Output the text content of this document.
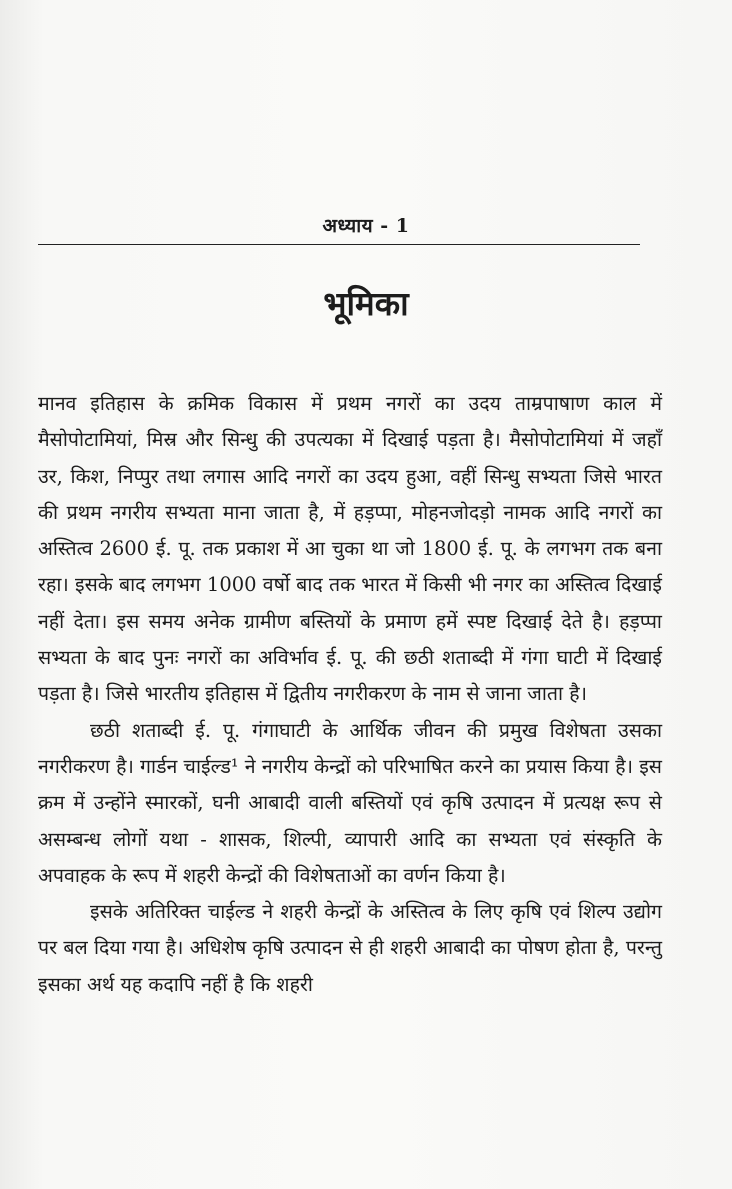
अध्याय - 1
भूमिका

मानव इतिहास के क्रमिक विकास में प्रथम नगरों का उदय ताम्रपाषाण काल में मैसोपोटामियां, मिस्र और सिन्धु की उपत्यका में दिखाई पड़ता है। मैसोपोटामियां में जहाँ उर, किश, निप्पुर तथा लगास आदि नगरों का उदय हुआ, वहीं सिन्धु सभ्यता जिसे भारत की प्रथम नगरीय सभ्यता माना जाता है, में हड़प्पा, मोहनजोदड़ो नामक आदि नगरों का अस्तित्व 2600 ई. पू. तक प्रकाश में आ चुका था जो 1800 ई. पू. के लगभग तक बना रहा। इसके बाद लगभग 1000 वर्षो बाद तक भारत में किसी भी नगर का अस्तित्व दिखाई नहीं देता। इस समय अनेक ग्रामीण बस्तियों के प्रमाण हमें स्पष्ट दिखाई देते है। हड़प्पा सभ्यता के बाद पुनः नगरों का अविर्भाव ई. पू. की छठी शताब्दी में गंगा घाटी में दिखाई पड़ता है। जिसे भारतीय इतिहास में द्वितीय नगरीकरण के नाम से जाना जाता है।

छठी शताब्दी ई. पू. गंगाघाटी के आर्थिक जीवन की प्रमुख विशेषता उसका नगरीकरण है। गार्डन चाईल्ड¹ ने नगरीय केन्द्रों को परिभाषित करने का प्रयास किया है। इस क्रम में उन्होंने स्मारकों, घनी आबादी वाली बस्तियों एवं कृषि उत्पादन में प्रत्यक्ष रूप से असम्बन्ध लोगों यथा - शासक, शिल्पी, व्यापारी आदि का सभ्यता एवं संस्कृति के अपवाहक के रूप में शहरी केन्द्रों की विशेषताओं का वर्णन किया है।

इसके अतिरिक्त चाईल्ड ने शहरी केन्द्रों के अस्तित्व के लिए कृषि एवं शिल्प उद्योग पर बल दिया गया है। अधिशेष कृषि उत्पादन से ही शहरी आबादी का पोषण होता है, परन्तु इसका अर्थ यह कदापि नहीं है कि शहरी
